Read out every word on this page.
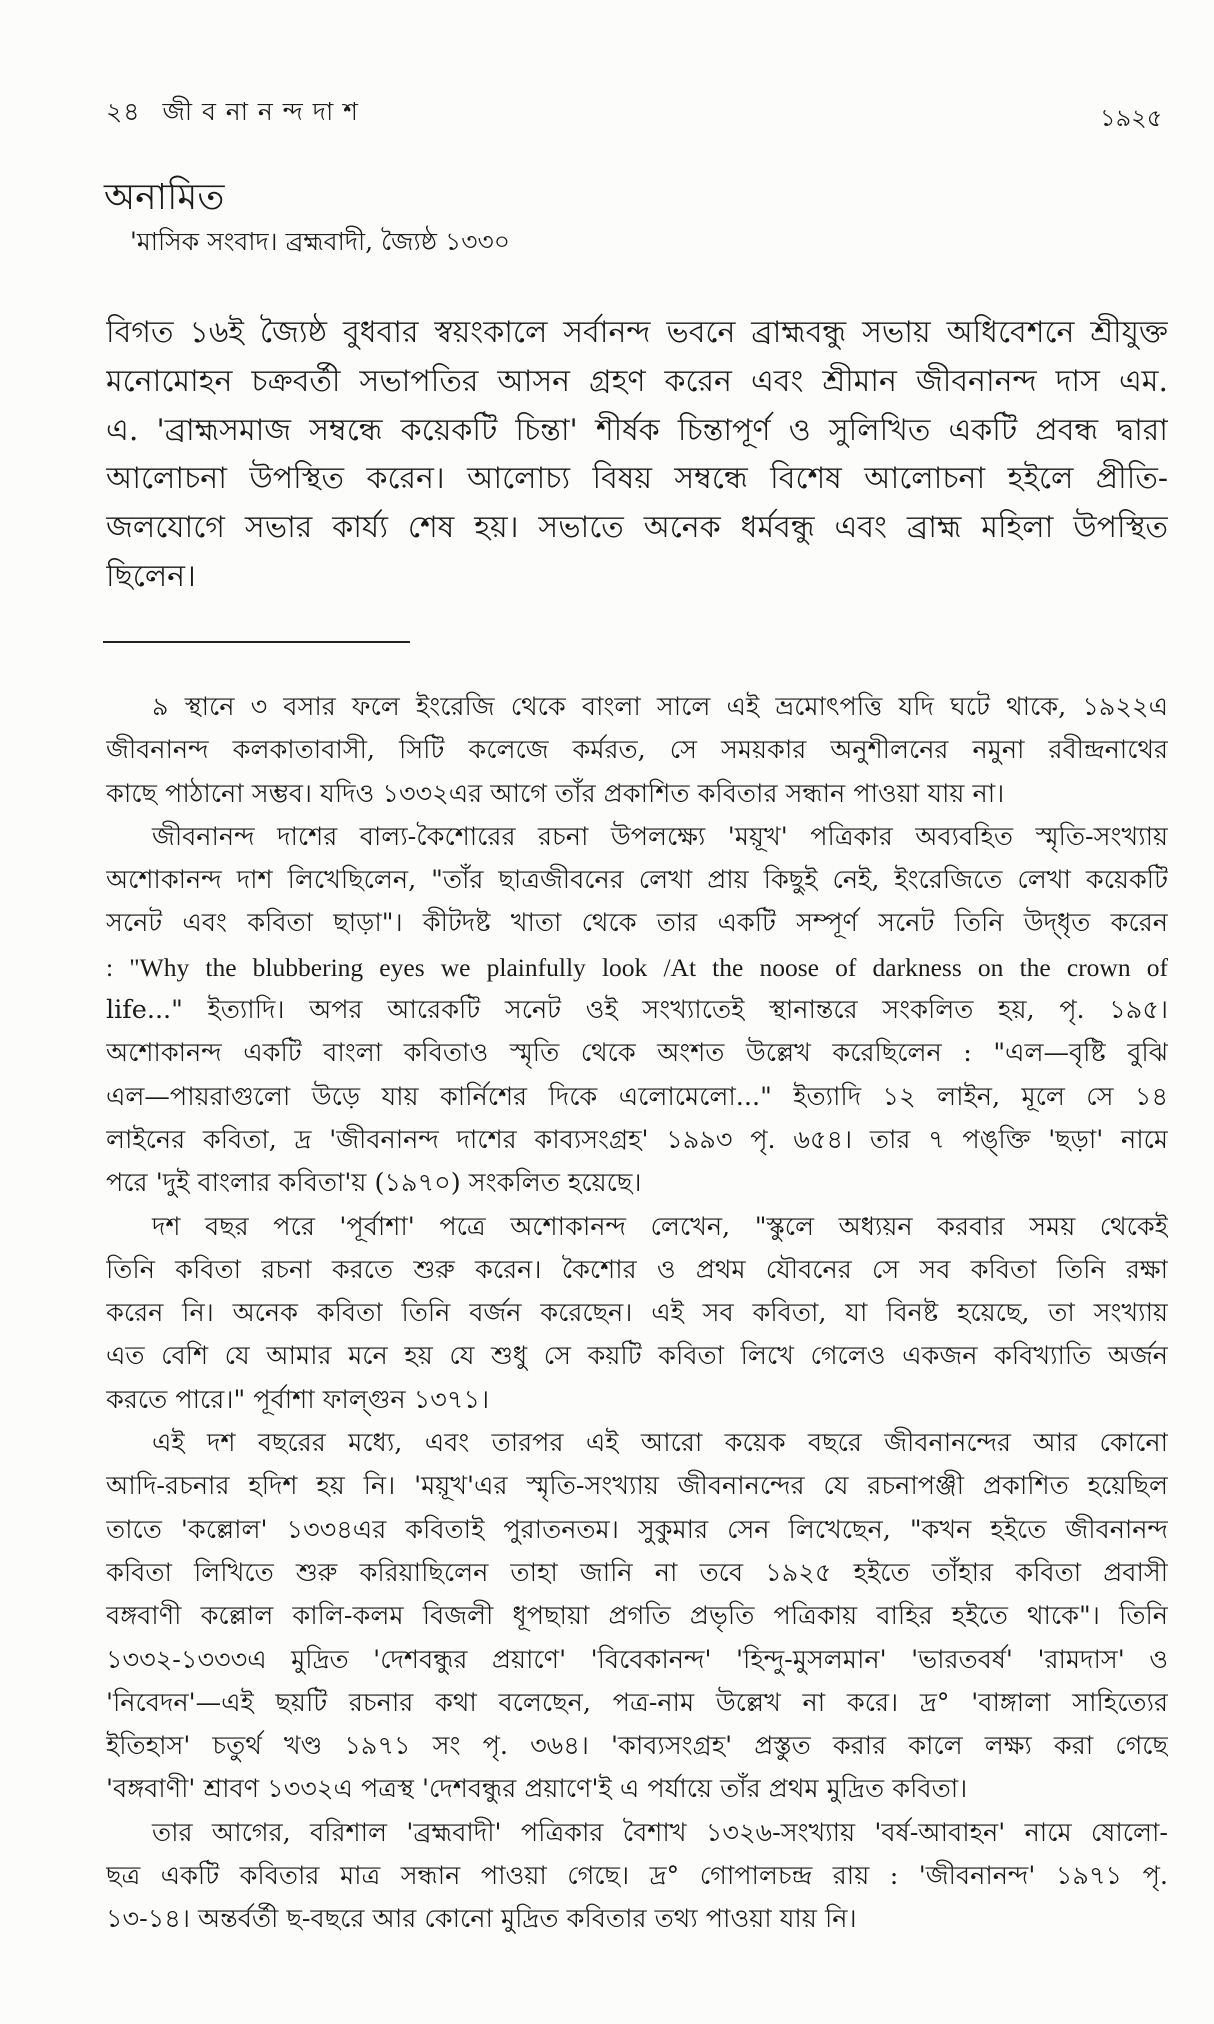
২৪ জী ব না ন ন্দ দা শ	১৯২৫
অনামিত
'মাসিক সংবাদ। ব্রহ্মবাদী, জ্যৈষ্ঠ ১৩৩০
বিগত ১৬ই জ্যৈষ্ঠ বুধবার স্বয়ংকালে সর্বানন্দ ভবনে ব্রাহ্মবন্ধু সভায় অধিবেশনে শ্রীযুক্ত
মনোমোহন চক্রবর্তী সভাপতির আসন গ্রহণ করেন এবং শ্রীমান জীবনানন্দ দাস এম.
এ. 'ব্রাহ্মসমাজ সম্বন্ধে কয়েকটি চিন্তা' শীর্ষক চিন্তাপূর্ণ ও সুলিখিত একটি প্রবন্ধ দ্বারা
আলোচনা উপস্থিত করেন। আলোচ্য বিষয় সম্বন্ধে বিশেষ আলোচনা হইলে প্রীতি-
জলযোগে সভার কার্য্য শেষ হয়। সভাতে অনেক ধর্মবন্ধু এবং ব্রাহ্ম মহিলা উপস্থিত
ছিলেন।
৯ স্থানে ৩ বসার ফলে ইংরেজি থেকে বাংলা সালে এই ভ্রমোৎপত্তি যদি ঘটে থাকে, ১৯২২এ
জীবনানন্দ কলকাতাবাসী, সিটি কলেজে কর্মরত, সে সময়কার অনুশীলনের নমুনা রবীন্দ্রনাথের
কাছে পাঠানো সম্ভব। যদিও ১৩৩২এর আগে তাঁর প্রকাশিত কবিতার সন্ধান পাওয়া যায় না।
জীবনানন্দ দাশের বাল্য-কৈশোরের রচনা উপলক্ষ্যে 'ময়ূখ' পত্রিকার অব্যবহিত স্মৃতি-সংখ্যায়
অশোকানন্দ দাশ লিখেছিলেন, "তাঁর ছাত্রজীবনের লেখা প্রায় কিছুই নেই, ইংরেজিতে লেখা কয়েকটি
সনেট এবং কবিতা ছাড়া"। কীটদষ্ট খাতা থেকে তার একটি সম্পূর্ণ সনেট তিনি উদ্‌ধৃত করেন
: "Why the blubbering eyes we plainfully look /At the noose of darkness on the crown of
life..." ইত্যাদি। অপর আরেকটি সনেট ওই সংখ্যাতেই স্থানান্তরে সংকলিত হয়, পৃ. ১৯৫।
অশোকানন্দ একটি বাংলা কবিতাও স্মৃতি থেকে অংশত উল্লেখ করেছিলেন : "এল—বৃষ্টি বুঝি
এল—পায়রাগুলো উড়ে যায় কার্নিশের দিকে এলোমেলো..." ইত্যাদি ১২ লাইন, মূলে সে ১৪
লাইনের কবিতা, দ্র 'জীবনানন্দ দাশের কাব্যসংগ্রহ' ১৯৯৩ পৃ. ৬৫৪। তার ৭ পঙ্‌ক্তি 'ছড়া' নামে
পরে 'দুই বাংলার কবিতা'য় (১৯৭০) সংকলিত হয়েছে।
দশ বছর পরে 'পূর্বাশা' পত্রে অশোকানন্দ লেখেন, "স্কুলে অধ্যয়ন করবার সময় থেকেই
তিনি কবিতা রচনা করতে শুরু করেন। কৈশোর ও প্রথম যৌবনের সে সব কবিতা তিনি রক্ষা
করেন নি। অনেক কবিতা তিনি বর্জন করেছেন। এই সব কবিতা, যা বিনষ্ট হয়েছে, তা সংখ্যায়
এত বেশি যে আমার মনে হয় যে শুধু সে কয়টি কবিতা লিখে গেলেও একজন কবিখ্যাতি অর্জন
করতে পারে।" পূর্বাশা ফাল্গুন ১৩৭১।
এই দশ বছরের মধ্যে, এবং তারপর এই আরো কয়েক বছরে জীবনানন্দের আর কোনো
আদি-রচনার হদিশ হয় নি। 'ময়ূখ'এর স্মৃতি-সংখ্যায় জীবনানন্দের যে রচনাপঞ্জী প্রকাশিত হয়েছিল
তাতে 'কল্লোল' ১৩৩৪এর কবিতাই পুরাতনতম। সুকুমার সেন লিখেছেন, "কখন হইতে জীবনানন্দ
কবিতা লিখিতে শুরু করিয়াছিলেন তাহা জানি না তবে ১৯২৫ হইতে তাঁহার কবিতা প্রবাসী
বঙ্গবাণী কল্লোল কালি-কলম বিজলী ধূপছায়া প্রগতি প্রভৃতি পত্রিকায় বাহির হইতে থাকে"। তিনি
১৩৩২-১৩৩৩এ মুদ্রিত 'দেশবন্ধুর প্রয়াণে' 'বিবেকানন্দ' 'হিন্দু-মুসলমান' 'ভারতবর্ষ' 'রামদাস' ও
'নিবেদন'—এই ছয়টি রচনার কথা বলেছেন, পত্র-নাম উল্লেখ না করে। দ্র° 'বাঙ্গালা সাহিত্যের
ইতিহাস' চতুর্থ খণ্ড ১৯৭১ সং পৃ. ৩৬৪। 'কাব্যসংগ্রহ' প্রস্তুত করার কালে লক্ষ্য করা গেছে
'বঙ্গবাণী' শ্রাবণ ১৩৩২এ পত্রস্থ 'দেশবন্ধুর প্রয়াণে'ই এ পর্যায়ে তাঁর প্রথম মুদ্রিত কবিতা।
তার আগের, বরিশাল 'ব্রহ্মবাদী' পত্রিকার বৈশাখ ১৩২৬-সংখ্যায় 'বর্ষ-আবাহন' নামে ষোলো-
ছত্র একটি কবিতার মাত্র সন্ধান পাওয়া গেছে। দ্র° গোপালচন্দ্র রায় : 'জীবনানন্দ' ১৯৭১ পৃ.
১৩-১৪। অন্তর্বর্তী ছ-বছরে আর কোনো মুদ্রিত কবিতার তথ্য পাওয়া যায় নি।
